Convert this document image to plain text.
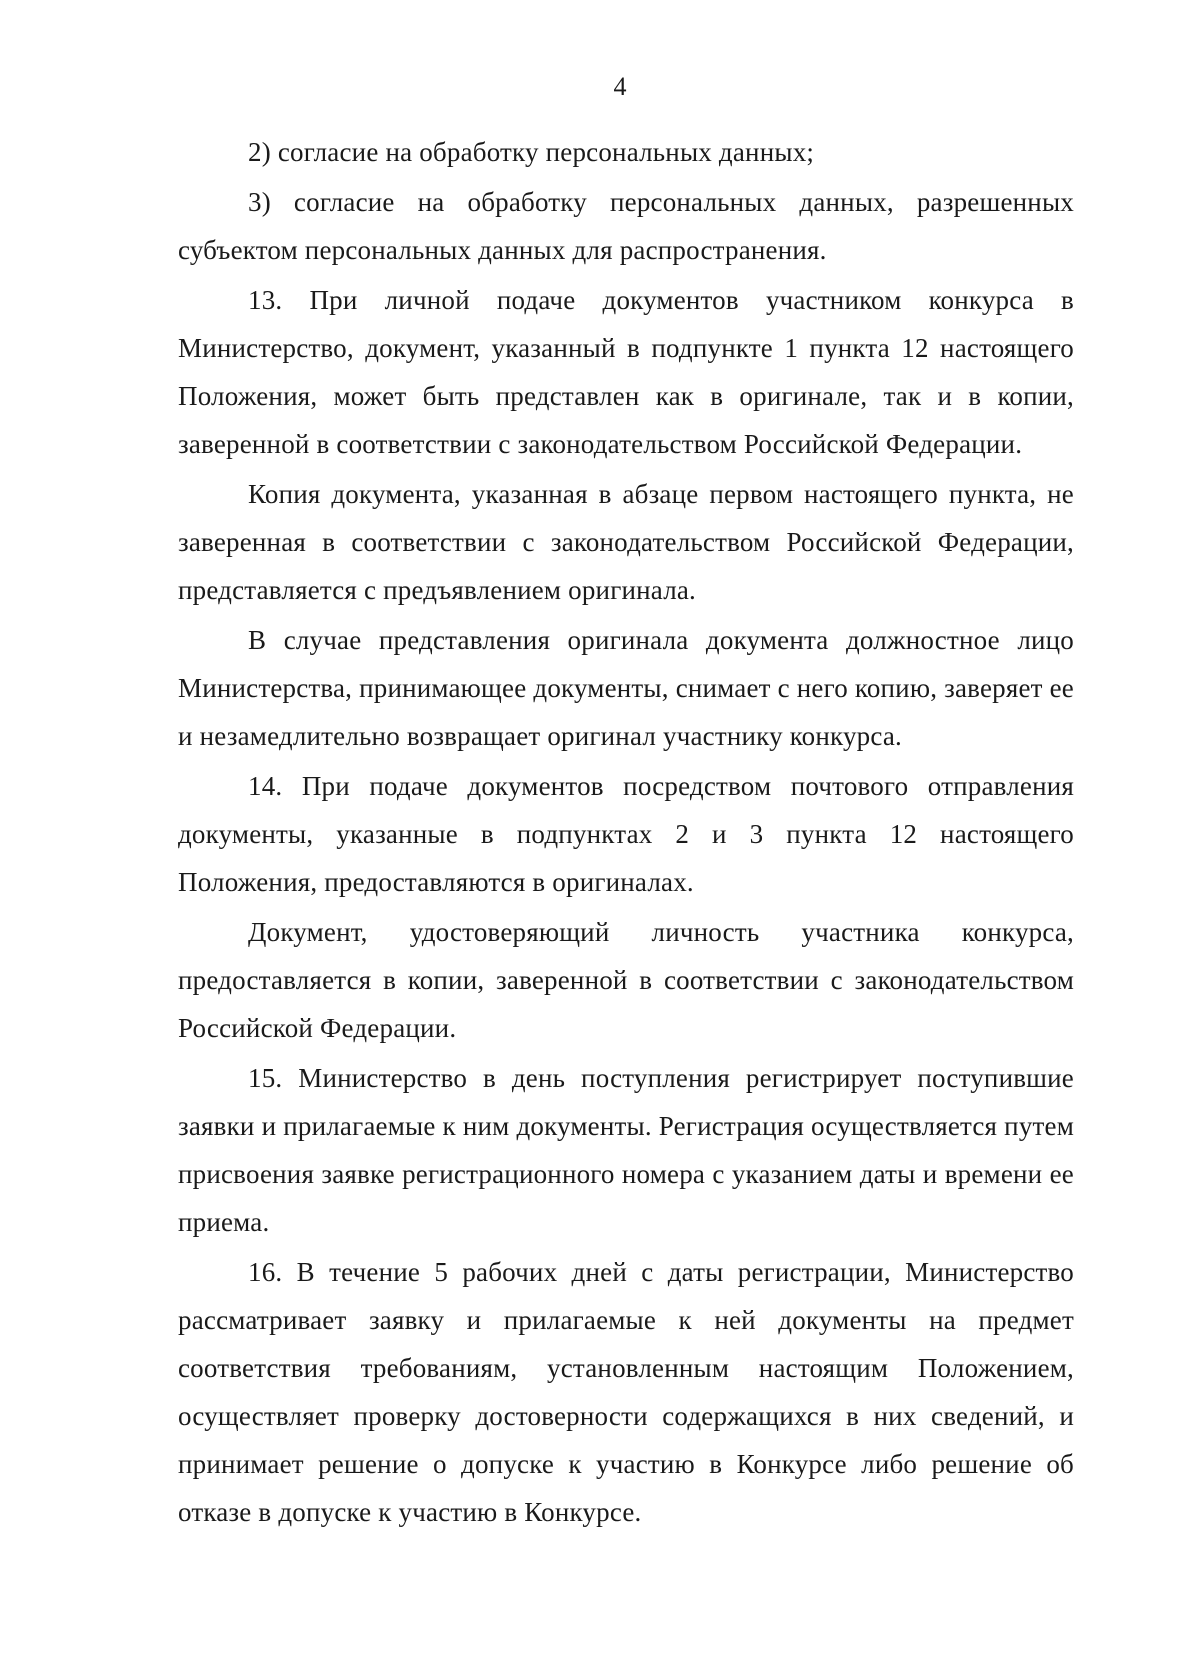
4

2) согласие на обработку персональных данных;

3) согласие на обработку персональных данных, разрешенных субъектом персональных данных для распространения.

13. При личной подаче документов участником конкурса в Министерство, документ, указанный в подпункте 1 пункта 12 настоящего Положения, может быть представлен как в оригинале, так и в копии, заверенной в соответствии с законодательством Российской Федерации.

Копия документа, указанная в абзаце первом настоящего пункта, не заверенная в соответствии с законодательством Российской Федерации, представляется с предъявлением оригинала.

В случае представления оригинала документа должностное лицо Министерства, принимающее документы, снимает с него копию, заверяет ее и незамедлительно возвращает оригинал участнику конкурса.

14. При подаче документов посредством почтового отправления документы, указанные в подпунктах 2 и 3 пункта 12 настоящего Положения, предоставляются в оригиналах.

Документ, удостоверяющий личность участника конкурса, предоставляется в копии, заверенной в соответствии с законодательством Российской Федерации.

15. Министерство в день поступления регистрирует поступившие заявки и прилагаемые к ним документы. Регистрация осуществляется путем присвоения заявке регистрационного номера с указанием даты и времени ее приема.

16. В течение 5 рабочих дней с даты регистрации, Министерство рассматривает заявку и прилагаемые к ней документы на предмет соответствия требованиям, установленным настоящим Положением, осуществляет проверку достоверности содержащихся в них сведений, и принимает решение о допуске к участию в Конкурсе либо решение об отказе в допуске к участию в Конкурсе.
